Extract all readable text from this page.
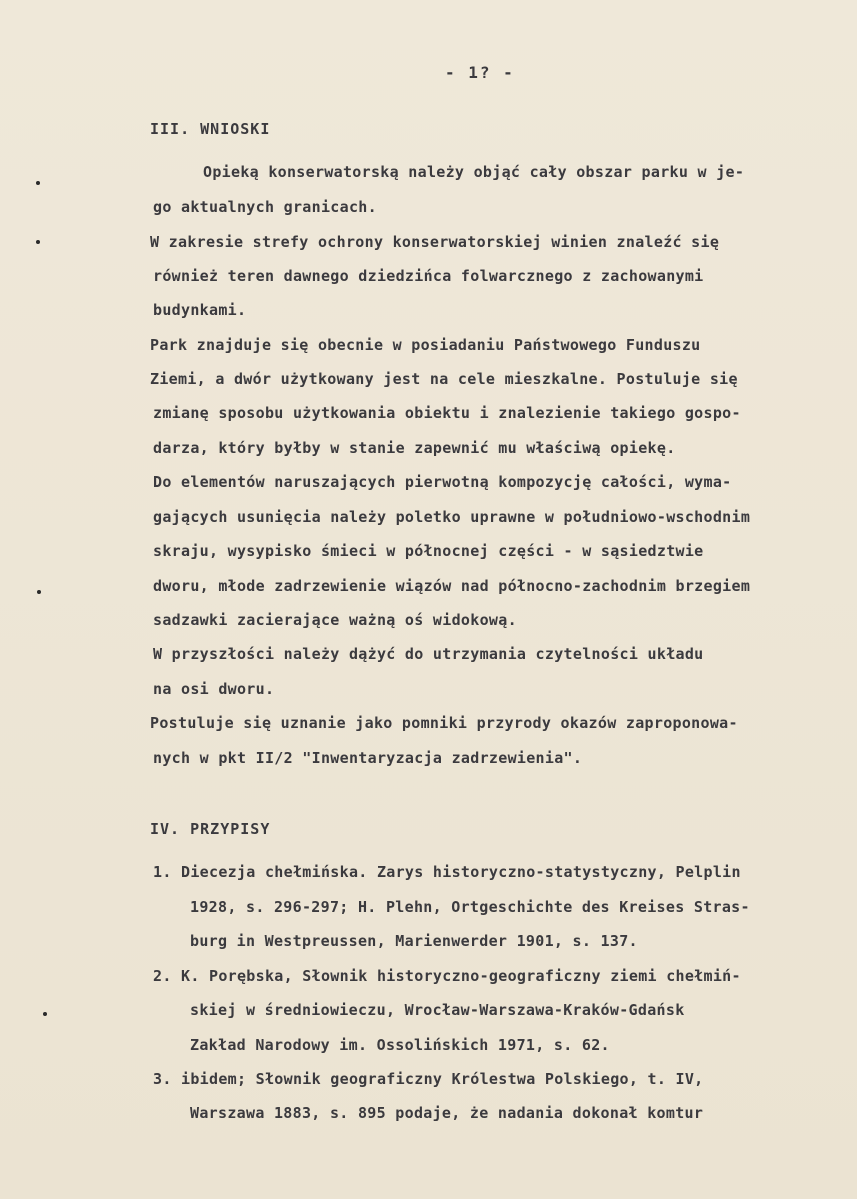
- 1? -
III. WNIOSKI
Opieką konserwatorską należy objąć cały obszar parku w je-
go aktualnych granicach.
W zakresie strefy ochrony konserwatorskiej winien znaleźć się
również teren dawnego dziedzińca folwarcznego z zachowanymi
budynkami.
Park znajduje się obecnie w posiadaniu Państwowego Funduszu
Ziemi, a dwór użytkowany jest na cele mieszkalne. Postuluje się
zmianę sposobu użytkowania obiektu i znalezienie takiego gospo-
darza, który byłby w stanie zapewnić mu właściwą opiekę.
Do elementów naruszających pierwotną kompozycję całości, wyma-
gających usunięcia należy poletko uprawne w południowo-wschodnim
skraju, wysypisko śmieci w północnej części - w sąsiedztwie
dworu, młode zadrzewienie wiązów nad północno-zachodnim brzegiem
sadzawki zacierające ważną oś widokową.
W przyszłości należy dążyć do utrzymania czytelności układu
na osi dworu.
Postuluje się uznanie jako pomniki przyrody okazów zaproponowa-
nych w pkt II/2 "Inwentaryzacja zadrzewienia".
IV. PRZYPISY
1. Diecezja chełmińska. Zarys historyczno-statystyczny, Pelplin
1928, s. 296-297; H. Plehn, Ortgeschichte des Kreises Stras-
burg in Westpreussen, Marienwerder 1901, s. 137.
2. K. Porębska, Słownik historyczno-geograficzny ziemi chełmiń-
skiej w średniowieczu, Wrocław-Warszawa-Kraków-Gdańsk
Zakład Narodowy im. Ossolińskich 1971, s. 62.
3. ibidem; Słownik geograficzny Królestwa Polskiego, t. IV,
Warszawa 1883, s. 895 podaje, że nadania dokonał komtur
